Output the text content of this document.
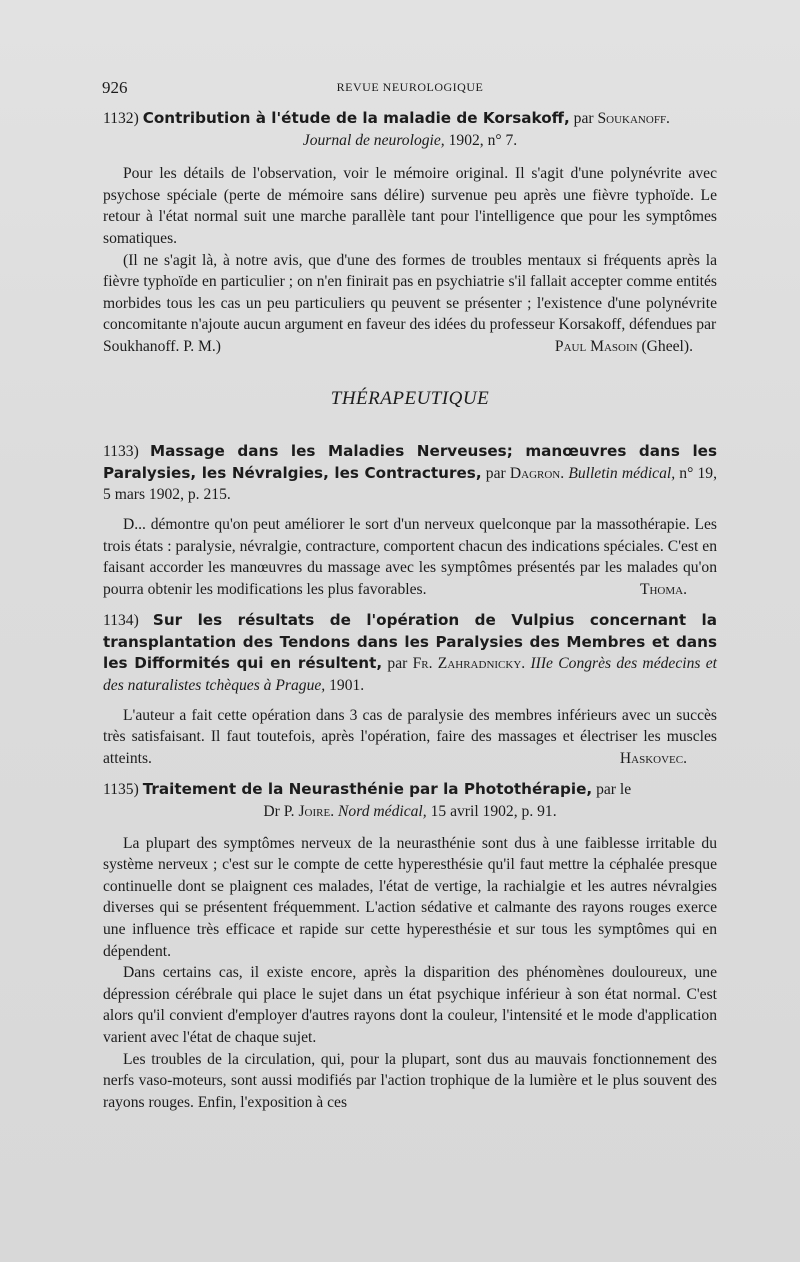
926	REVUE NEUROLOGIQUE

1132) Contribution à l'étude de la maladie de Korsakoff, par Soukanoff.

Journal de neurologie, 1902, n° 7.

Pour les détails de l'observation, voir le mémoire original. Il s'agit d'une polynévrite avec psychose spéciale (perte de mémoire sans délire) survenue peu après une fièvre typhoïde. Le retour à l'état normal suit une marche parallèle tant pour l'intelligence que pour les symptômes somatiques.

(Il ne s'agit là, à notre avis, que d'une des formes de troubles mentaux si fréquents après la fièvre typhoïde en particulier ; on n'en finirait pas en psychiatrie s'il fallait accepter comme entités morbides tous les cas un peu particuliers qu peuvent se présenter ; l'existence d'une polynévrite concomitante n'ajoute aucun argument en faveur des idées du professeur Korsakoff, défendues par

Soukhanoff. P. M.)	Paul Masoin (Gheel).

THÉRAPEUTIQUE

1133) Massage dans les Maladies Nerveuses; manœuvres dans les Paralysies, les Névralgies, les Contractures, par Dagron. Bulletin médical, n° 19, 5 mars 1902, p. 215.

D... démontre qu'on peut améliorer le sort d'un nerveux quelconque par la massothérapie. Les trois états : paralysie, névralgie, contracture, comportent chacun des indications spéciales. C'est en faisant accorder les manœuvres du massage avec les symptômes présentés par les malades qu'on pourra obtenir les modifications les plus favorables.	Thoma.

1134) Sur les résultats de l'opération de Vulpius concernant la transplantation des Tendons dans les Paralysies des Membres et dans les Difformités qui en résultent, par Fr. Zahradnicky. IIIe Congrès des médecins et des naturalistes tchèques à Prague, 1901.

L'auteur a fait cette opération dans 3 cas de paralysie des membres inférieurs avec un succès très satisfaisant. Il faut toutefois, après l'opération, faire des massages et électriser les muscles atteints.	Haskovec.

1135) Traitement de la Neurasthénie par la Photothérapie, par le

Dr P. Joire. Nord médical, 15 avril 1902, p. 91.

La plupart des symptômes nerveux de la neurasthénie sont dus à une faiblesse irritable du système nerveux ; c'est sur le compte de cette hyperesthésie qu'il faut mettre la céphalée presque continuelle dont se plaignent ces malades, l'état de vertige, la rachialgie et les autres névralgies diverses qui se présentent fréquemment. L'action sédative et calmante des rayons rouges exerce une influence très efficace et rapide sur cette hyperesthésie et sur tous les symptômes qui en dépendent.

Dans certains cas, il existe encore, après la disparition des phénomènes douloureux, une dépression cérébrale qui place le sujet dans un état psychique inférieur à son état normal. C'est alors qu'il convient d'employer d'autres rayons dont la couleur, l'intensité et le mode d'application varient avec l'état de chaque sujet.

Les troubles de la circulation, qui, pour la plupart, sont dus au mauvais fonctionnement des nerfs vaso-moteurs, sont aussi modifiés par l'action trophique de la lumière et le plus souvent des rayons rouges. Enfin, l'exposition à ces
